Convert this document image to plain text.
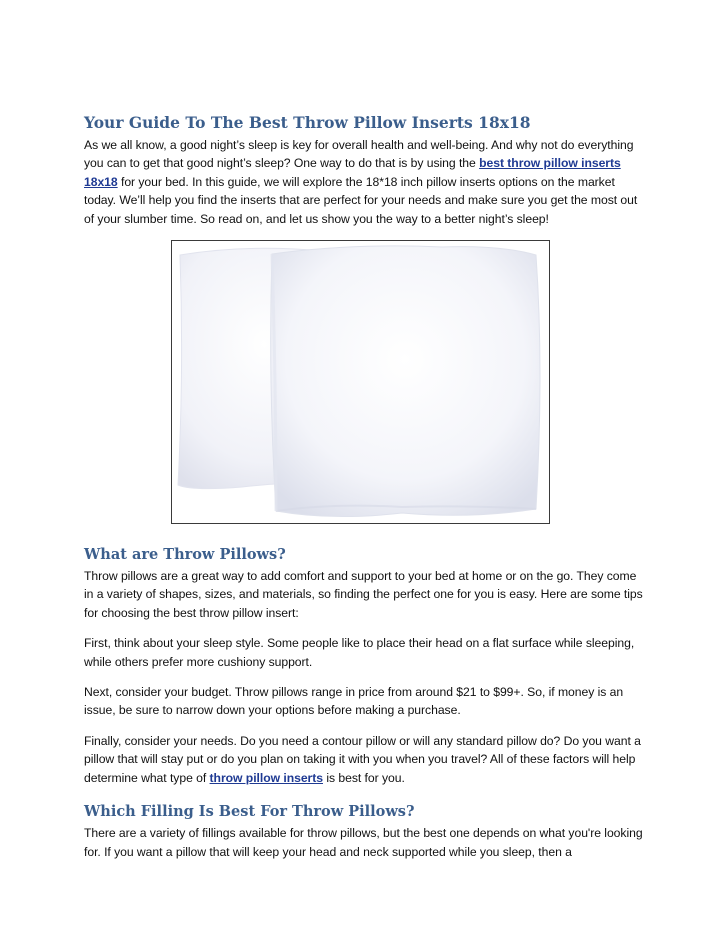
Your Guide To The Best Throw Pillow Inserts 18x18

As we all know, a good night’s sleep is key for overall health and well-being. And why not do everything you can to get that good night’s sleep? One way to do that is by using the best throw pillow inserts 18x18 for your bed. In this guide, we will explore the 18*18 inch pillow inserts options on the market today. We’ll help you find the inserts that are perfect for your needs and make sure you get the most out of your slumber time. So read on, and let us show you the way to a better night’s sleep!

What are Throw Pillows?

Throw pillows are a great way to add comfort and support to your bed at home or on the go. They come in a variety of shapes, sizes, and materials, so finding the perfect one for you is easy. Here are some tips for choosing the best throw pillow insert:

First, think about your sleep style. Some people like to place their head on a flat surface while sleeping, while others prefer more cushiony support.

Next, consider your budget. Throw pillows range in price from around $21 to $99+. So, if money is an issue, be sure to narrow down your options before making a purchase.

Finally, consider your needs. Do you need a contour pillow or will any standard pillow do? Do you want a pillow that will stay put or do you plan on taking it with you when you travel? All of these factors will help determine what type of throw pillow inserts is best for you.

Which Filling Is Best For Throw Pillows?

There are a variety of fillings available for throw pillows, but the best one depends on what you're looking for. If you want a pillow that will keep your head and neck supported while you sleep, then a
